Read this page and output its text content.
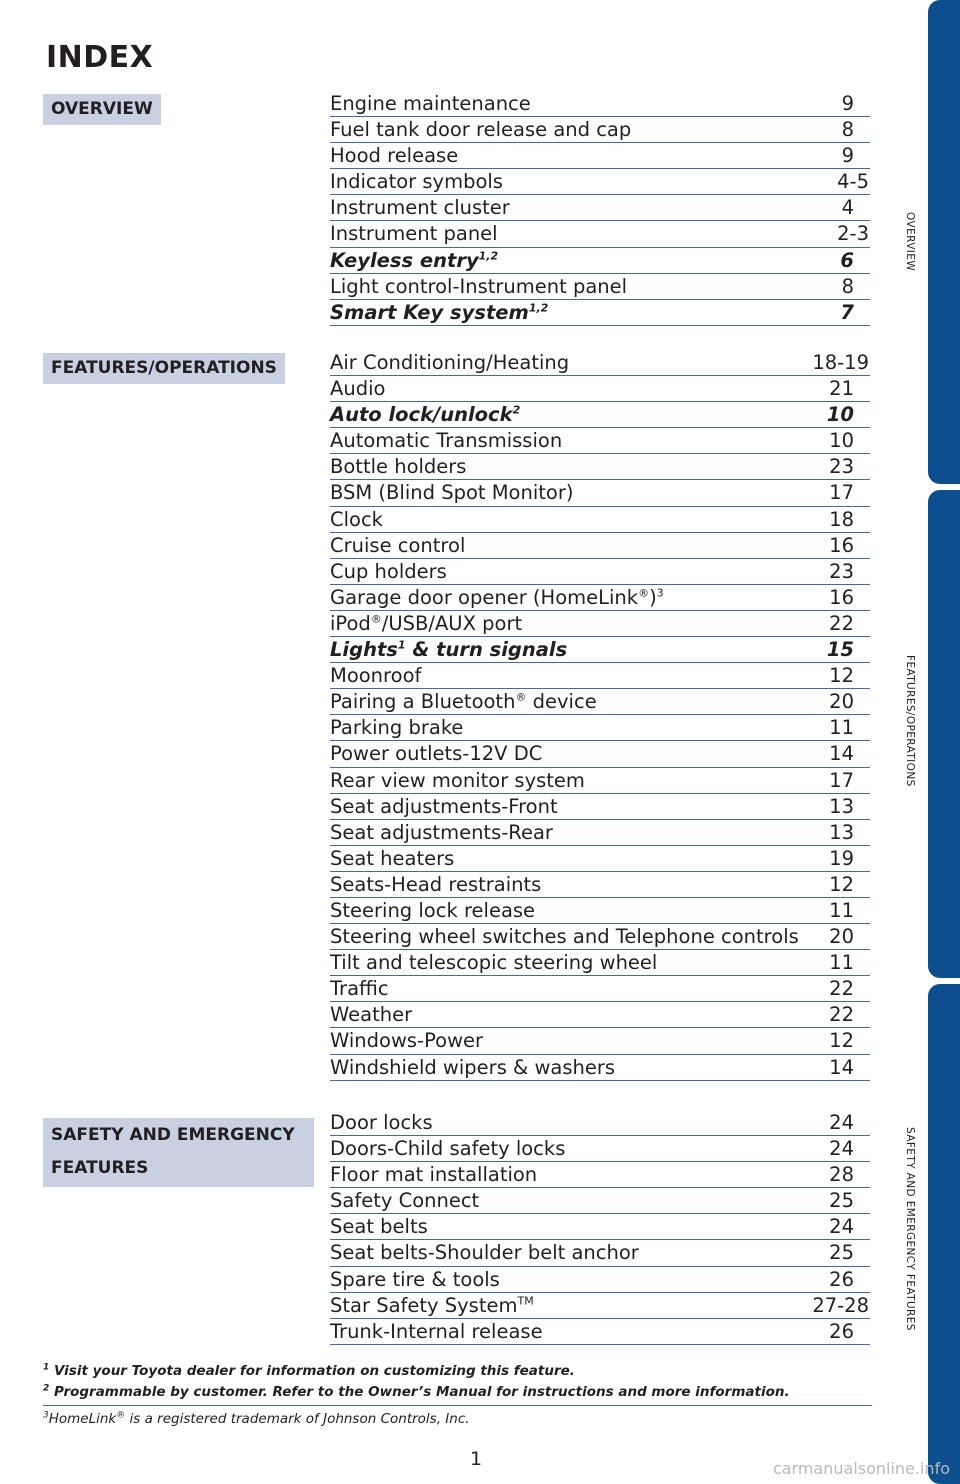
INDEX
OVERVIEW
FEATURES/OPERATIONS
SAFETY AND EMERGENCY
FEATURES
Engine maintenance	9
Fuel tank door release and cap	8
Hood release	9
Indicator symbols	4-5
Instrument cluster	4
Instrument panel	2-3
Keyless entry$^{1,2}$	6
Light control-Instrument panel	8
Smart Key system$^{1,2}$	7
Air Conditioning/Heating	18-19
Audio	21
Auto lock/unlock$^2$	10
Automatic Transmission	10
Bottle holders	23
BSM (Blind Spot Monitor)	17
Clock	18
Cruise control	16
Cup holders	23
Garage door opener (HomeLink®)$^3$	16
iPod®/USB/AUX port	22
Lights$^1$ & turn signals	15
Moonroof	12
Pairing a Bluetooth® device	20
Parking brake	11
Power outlets-12V DC	14
Rear view monitor system	17
Seat adjustments-Front	13
Seat adjustments-Rear	13
Seat heaters	19
Seats-Head restraints	12
Steering lock release	11
Steering wheel switches and Telephone controls 20
Tilt and telescopic steering wheel	11
Traffic	22
Weather	22
Windows-Power	12
Windshield wipers & washers	14
Door locks	24
Doors-Child safety locks	24
Floor mat installation	28
Safety Connect	25
Seat belts	24
Seat belts-Shoulder belt anchor	25
Spare tire & tools	26
Star Safety System™	27-28
Trunk-Internal release	26
$^1$ Visit your Toyota dealer for information on customizing this feature.
$^2$ Programmable by customer. Refer to the Owner’s Manual for instructions and more information.
$^3$HomeLink® is a registered trademark of Johnson Controls, Inc.
1
OVERVIEW
FEATURES/OPERATIONS
SAFETY AND EMERGENCY FEATURES
carmanualsonline.info
